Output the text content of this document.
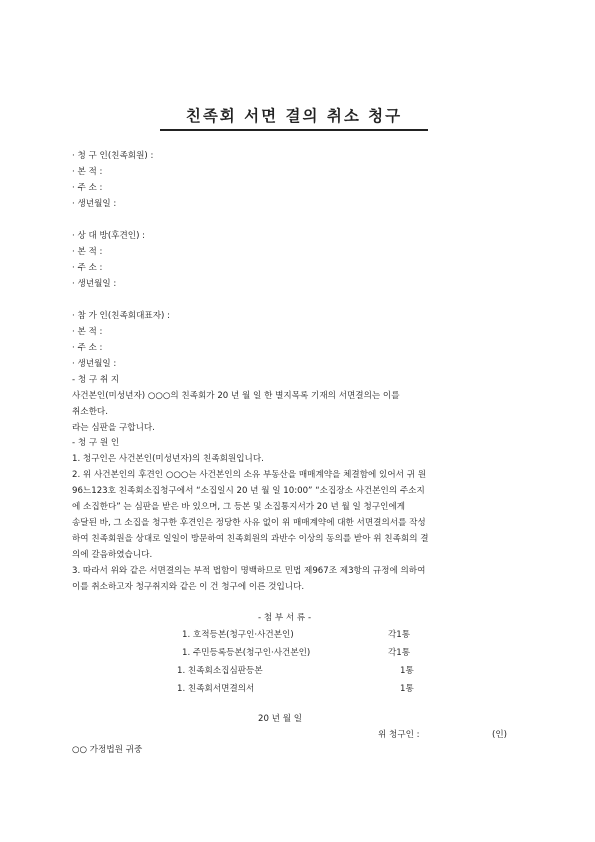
친족회 서면 결의 취소 청구
· 청 구 인(친족회원) :
· 본 적 :
· 주 소 :
· 생년월일 :
· 상 대 방(후견인) :
· 본 적 :
· 주 소 :
· 생년월일 :
· 참 가 인(친족회대표자) :
· 본 적 :
· 주 소 :
· 생년월일 :
- 청 구 취 지
사건본인(미성년자) ○○○의 친족회가 20 년 월 일 한 별지목록 기재의 서면결의는 이를
취소한다.
라는 심판을 구합니다.
- 청 구 원 인
1. 청구인은 사건본인(미성년자)의 친족회원입니다.
2. 위 사건본인의 후견인 ○○○는 사건본인의 소유 부동산을 매매계약을 체결함에 있어서 귀 원
96느123호 친족회소집청구에서 “소집일시 20 년 월 일 10:00” “소집장소 사건본인의 주소지
에 소집한다” 는 심판을 받은 바 있으며, 그 등본 및 소집통지서가 20 년 월 일 청구인에게
송달된 바, 그 소집을 청구한 후견인은 정당한 사유 없이 위 매매계약에 대한 서면결의서를 작성
하여 친족회원을 상대로 일일이 방문하여 친족회원의 과반수 이상의 동의를 받아 위 친족회의 결
의에 갈음하였습니다.
3. 따라서 위와 같은 서면결의는 부적 법함이 명백하므로 민법 제967조 제3항의 규정에 의하여
이를 취소하고자 청구취지와 같은 이 건 청구에 이른 것입니다.
- 첨 부 서 류 -
1. 호적등본(청구인·사건본인)	각1통
1. 주민등록등본(청구인·사건본인)	각1통
1. 친족회소집심판등본	1통
1. 친족회서면결의서	1통
20 년 월 일
위 청구인 :	(인)
○○ 가정법원 귀중
